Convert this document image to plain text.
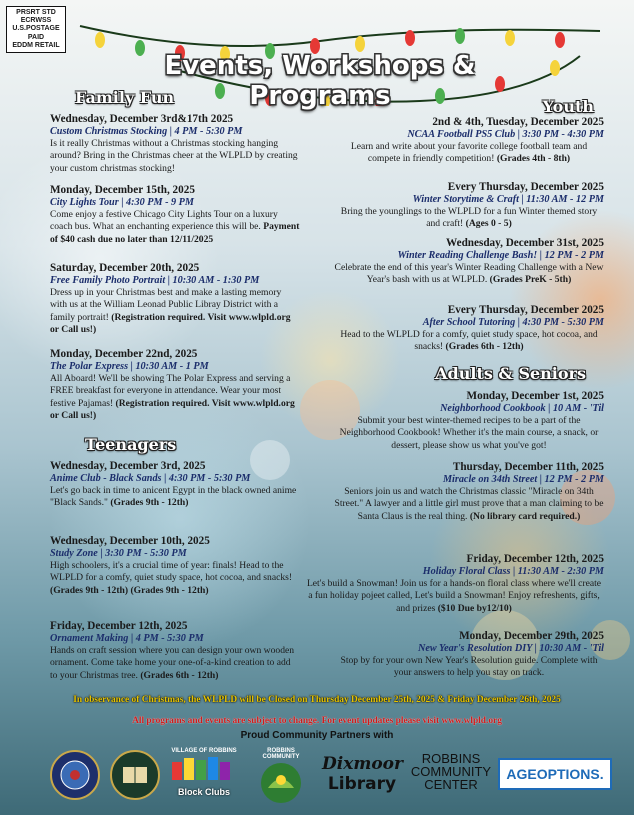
PRSRT STD
ECRWSS
U.S.POSTAGE
PAID
EDDM RETAIL
Events, Workshops & Programs
Family Fun
Wednesday, December 3rd&17th 2025
Custom Christmas Stocking | 4 PM - 5:30 PM
Is it really Christmas without a Christmas stocking hanging around? Bring in the Christmas cheer at the WLPLD by creating your custom christmas stocking!
Monday, December 15th, 2025
City Lights Tour | 4:30 PM - 9 PM
Come enjoy a festive Chicago City Lights Tour on a luxury coach bus. What an enchanting experience this will be. Payment of $40 cash due no later than 12/11/2025
Saturday, December 20th, 2025
Free Family Photo Portrait | 10:30 AM - 1:30 PM
Dress up in your Christmas best and make a lasting memory with us at the William Leonad Public Libray District with a family portrait! (Registration required. Visit www.wlpld.org or Call us!)
Monday, December 22nd, 2025
The Polar Express | 10:30 AM - 1 PM
All Aboard! We'll be showing The Polar Express and serving a FREE breakfast for everyone in attendance. Wear your most festive Pajamas! (Registration required. Visit www.wlpld.org or Call us!)
Teenagers
Wednesday, December 3rd, 2025
Anime Club - Black Sands | 4:30 PM - 5:30 PM
Let's go back in time to anicent Egypt in the black owned anime "Black Sands." (Grades 9th - 12th)
Wednesday, December 10th, 2025
Study Zone | 3:30 PM - 5:30 PM
High schoolers, it's a crucial time of year: finals! Head to the WLPLD for a comfy, quiet study space, hot cocoa, and snacks! (Grades 9th - 12th) (Grades 9th - 12th)
Friday, December 12th, 2025
Ornament Making | 4 PM - 5:30 PM
Hands on craft session where you can design your own wooden ornament. Come take home your one-of-a-kind creation to add to your Christmas tree. (Grades 6th - 12th)
Youth
2nd & 4th, Tuesday, December 2025
NCAA Football PS5 Club | 3:30 PM - 4:30 PM
Learn and write about your favorite college football team and compete in friendly competition! (Grades 4th - 8th)
Every Thursday, December 2025
Winter Storytime & Craft | 11:30 AM - 12 PM
Bring the younglings to the WLPLD for a fun Winter themed story and craft! (Ages 0 - 5)
Wednesday, December 31st, 2025
Winter Reading Challenge Bash! | 12 PM - 2 PM
Celebrate the end of this year's Winter Reading Challenge with a New Year's bash with us at WLPLD. (Grades PreK - 5th)
Every Thursday, December 2025
After School Tutoring | 4:30 PM - 5:30 PM
Head to the WLPLD for a comfy, quiet study space, hot cocoa, and snacks! (Grades 6th - 12th)
Adults & Seniors
Monday, December 1st, 2025
Neighborhood Cookbook | 10 AM - 'Til
Submit your best winter-themed recipes to be a part of the Neighborhood Cookbook! Whether it's the main course, a snack, or dessert, please show us what you've got!
Thursday, December 11th, 2025
Miracle on 34th Street | 12 PM - 2 PM
Seniors join us and watch the Christmas classic "Miracle on 34th Street." A lawyer and a little girl must prove that a man claiming to be Santa Claus is the real thing. (No library card required.)
Friday, December 12th, 2025
Holiday Floral Class | 11:30 AM - 2:30 PM
Let's build a Snowman! Join us for a hands-on floral class where we'll create a fun holiday pojeet called, Let's build a Snowman! Enjoy refreshents, gifts, and prizes ($10 Due by12/10)
Monday, December 29th, 2025
New Year's Resolution DIY | 10:30 AM - 'Til
Stop by for your own New Year's Resolution guide. Complete with your answers to help you stay on track.
In observance of Christmas, the WLPLD will be Closed on Thursday December 25th, 2025 & Friday December 26th, 2025
All programs and events are subject to change. For event updates please visit www.wlpld.org
Proud Community Partners with
VILLAGE OF ROBBINS
Block Clubs
ROBBINS COMMUNITY	Dixmoor
Library
ROBBINS
COMMUNITY
CENTER
AGEOPTIONS.
